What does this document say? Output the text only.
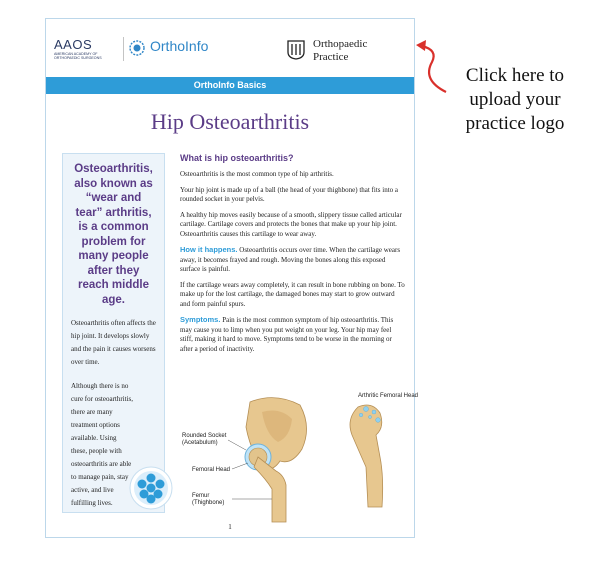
AAOS
AMERICAN ACADEMY OF ORTHOPAEDIC SURGEONS
OrthoInfo	Orthopaedic Practice
OrthoInfo Basics
Hip Osteoarthritis
Osteoarthritis, also known as “wear and tear” arthritis, is a common problem for many people after they reach middle age.

Osteoarthritis often affects the hip joint. It develops slowly and the pain it causes worsens over time.

Although there is no cure for osteoarthritis, there are many treatment options available. Using these, people with osteoarthritis are able to manage pain, stay active, and live fulfilling lives.

What is hip osteoarthritis?

Osteoarthritis is the most common type of hip arthritis.

Your hip joint is made up of a ball (the head of your thighbone) that fits into a rounded socket in your pelvis.

A healthy hip moves easily because of a smooth, slippery tissue called articular cartilage. Cartilage covers and protects the bones that make up your hip joint. Osteoarthritis causes this cartilage to wear away.

How it happens. Osteoarthritis occurs over time. When the cartilage wears away, it becomes frayed and rough. Moving the bones along this exposed surface is painful.

If the cartilage wears away completely, it can result in bone rubbing on bone. To make up for the lost cartilage, the damaged bones may start to grow outward and form painful spurs.

Symptoms. Pain is the most common symptom of hip osteoarthritis. This may cause you to limp when you put weight on your leg. Your hip may feel stiff, making it hard to move. Symptoms tend to be worse in the morning or after a period of inactivity.

Arthritic Femoral Head
Rounded Socket
(Acetabulum)
Femoral Head
Femur
(Thighbone)
1
Click here to upload your practice logo
